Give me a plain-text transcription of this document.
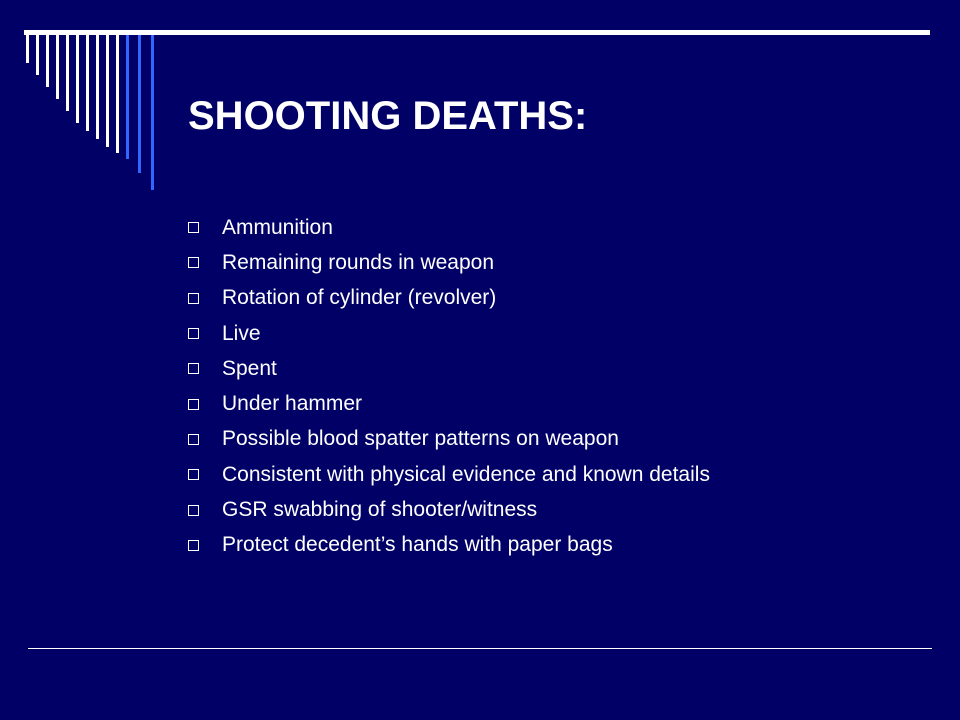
SHOOTING DEATHS:
Ammunition
Remaining rounds in weapon
Rotation of cylinder (revolver)
Live
Spent
Under hammer
Possible blood spatter patterns on weapon
Consistent with physical evidence and known details
GSR swabbing of shooter/witness
Protect decedent’s hands with paper bags
